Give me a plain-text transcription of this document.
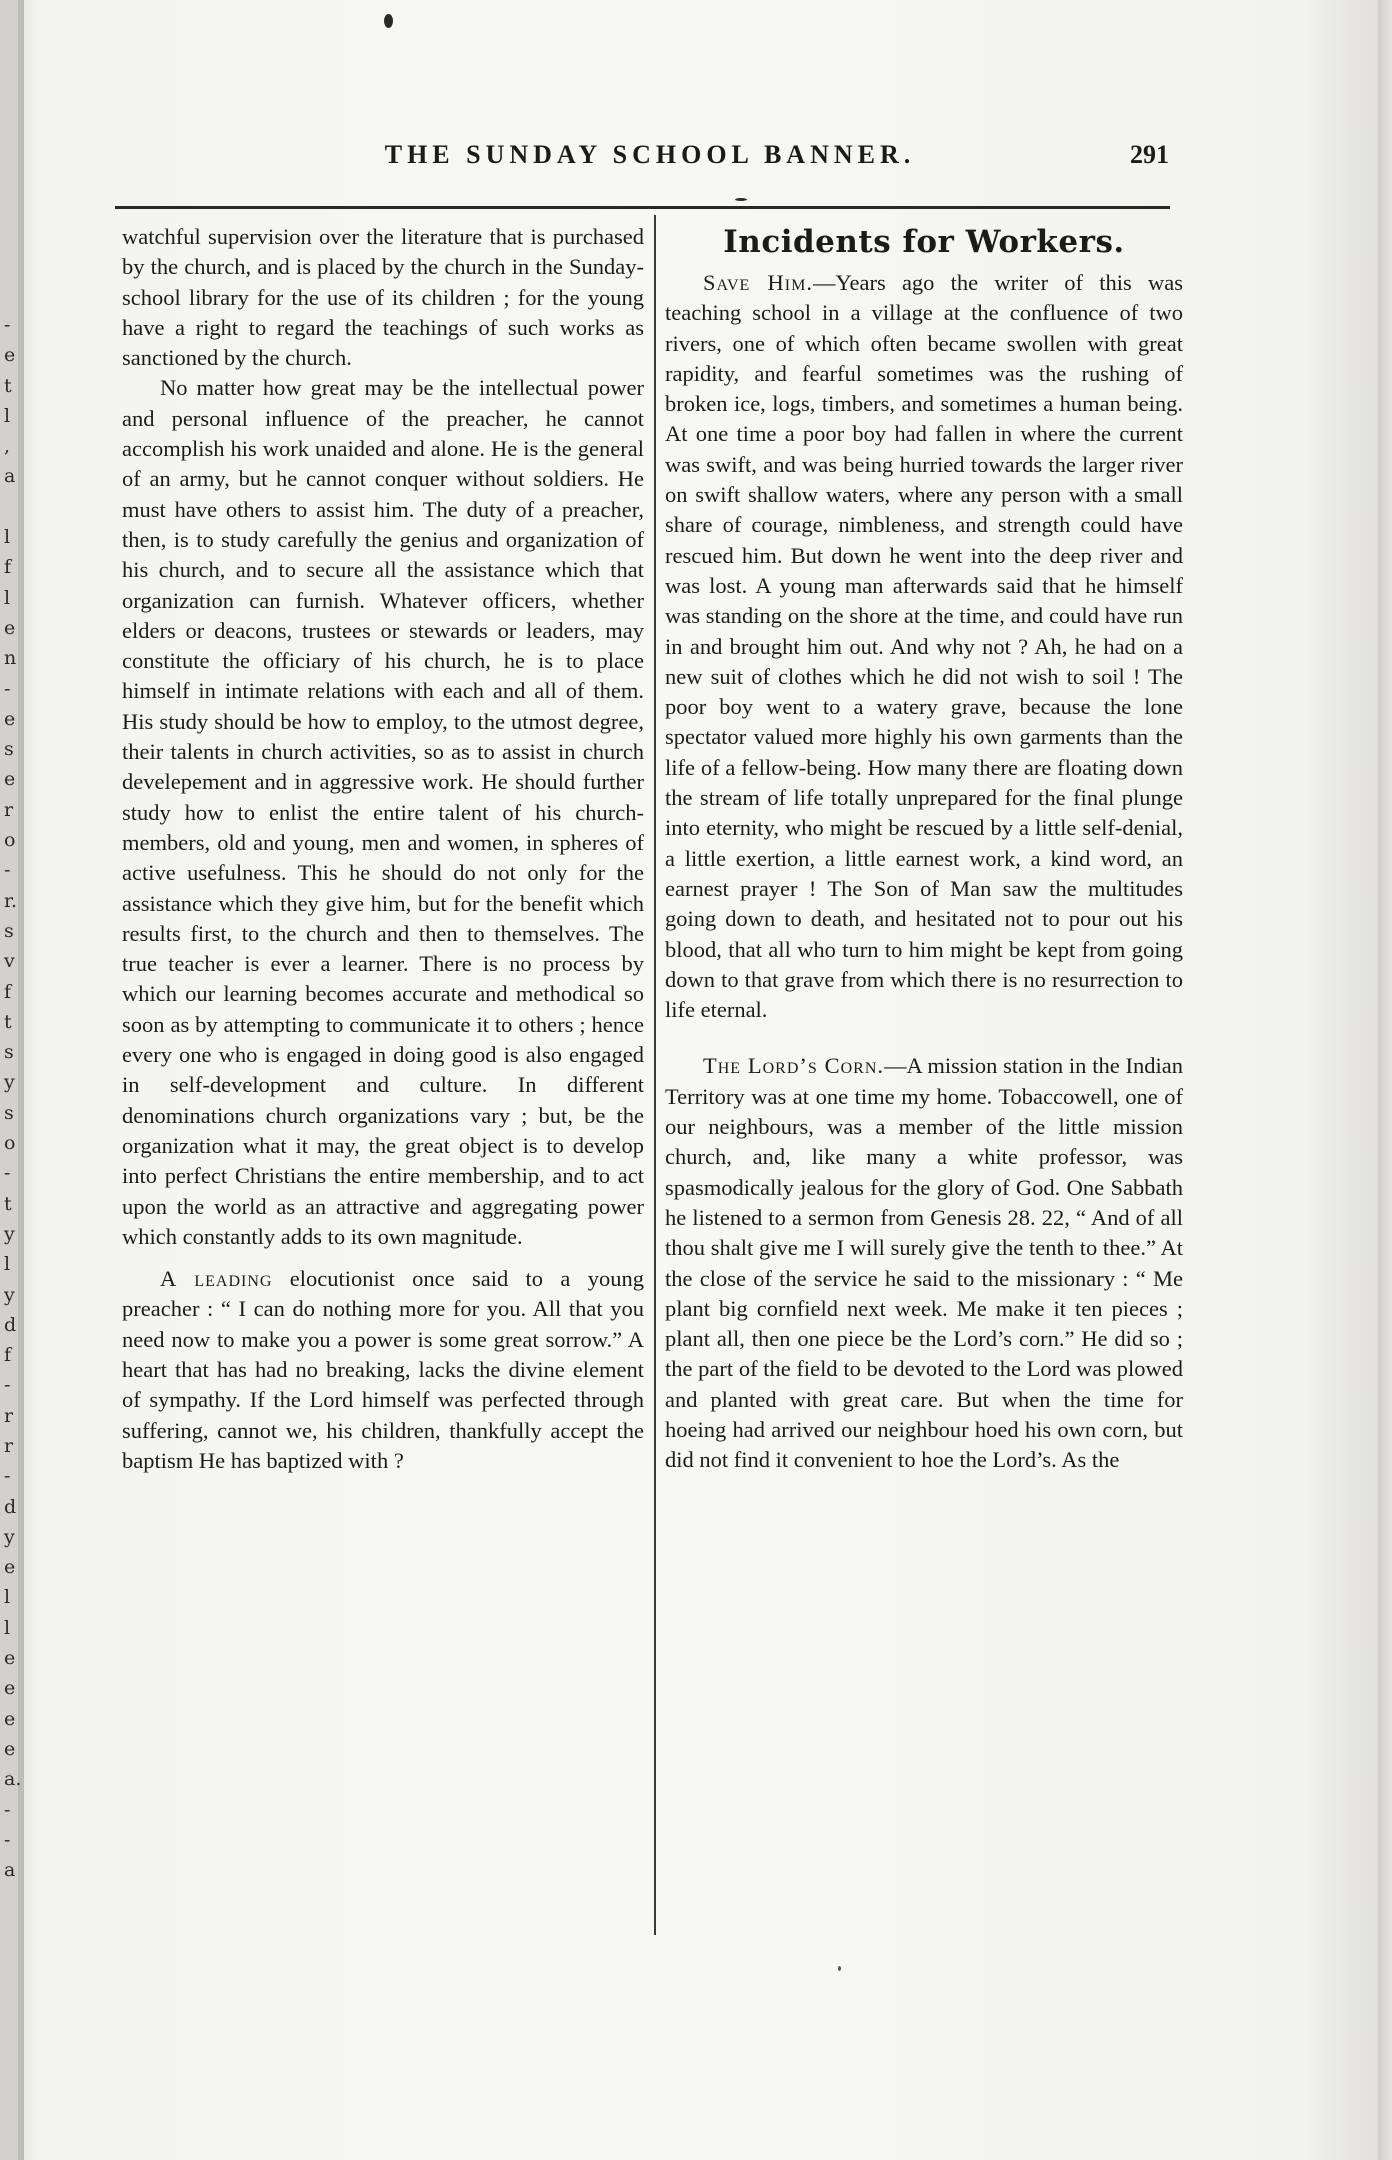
-
e
t
l
,
a
l
f
l
e
n
-
e
s
e
r
o
-
r.
s
v
f
t
s
y
s
o
-
t
y
l
y
d
f
-
r
r
-
d
y
e
l
l
e
e
e
e
a.
-
-
a
THE SUNDAY SCHOOL BANNER.	291

watchful supervision over the literature that is purchased by the church, and is placed by the church in the Sunday-school library for the use of its children ; for the young have a right to regard the teachings of such works as sanctioned by the church.

No matter how great may be the intellectual power and personal influence of the preacher, he cannot accomplish his work unaided and alone. He is the general of an army, but he cannot conquer without soldiers. He must have others to assist him. The duty of a preacher, then, is to study carefully the genius and organization of his church, and to secure all the assistance which that organization can furnish. Whatever officers, whether elders or deacons, trustees or stewards or leaders, may constitute the officiary of his church, he is to place himself in intimate relations with each and all of them. His study should be how to employ, to the utmost degree, their talents in church activities, so as to assist in church develepement and in aggressive work. He should further study how to enlist the entire talent of his church-members, old and young, men and women, in spheres of active usefulness. This he should do not only for the assistance which they give him, but for the benefit which results first, to the church and then to themselves. The true teacher is ever a learner. There is no process by which our learning becomes accurate and methodical so soon as by attempting to communicate it to others ; hence every one who is engaged in doing good is also engaged in self-development and culture. In different denominations church organizations vary ; but, be the organization what it may, the great object is to develop into perfect Christians the entire membership, and to act upon the world as an attractive and aggregating power which constantly adds to its own magnitude.

A leading elocutionist once said to a young preacher : “ I can do nothing more for you. All that you need now to make you a power is some great sorrow.” A heart that has had no breaking, lacks the divine element of sympathy. If the Lord himself was perfected through suffering, cannot we, his children, thankfully accept the baptism He has baptized with ?

Incidents for Workers.

Save Him.—Years ago the writer of this was teaching school in a village at the confluence of two rivers, one of which often became swollen with great rapidity, and fearful sometimes was the rushing of broken ice, logs, timbers, and sometimes a human being. At one time a poor boy had fallen in where the current was swift, and was being hurried towards the larger river on swift shallow waters, where any person with a small share of courage, nimbleness, and strength could have rescued him. But down he went into the deep river and was lost. A young man afterwards said that he himself was standing on the shore at the time, and could have run in and brought him out. And why not ? Ah, he had on a new suit of clothes which he did not wish to soil ! The poor boy went to a watery grave, because the lone spectator valued more highly his own garments than the life of a fellow-being. How many there are floating down the stream of life totally unprepared for the final plunge into eternity, who might be rescued by a little self-denial, a little exertion, a little earnest work, a kind word, an earnest prayer ! The Son of Man saw the multitudes going down to death, and hesitated not to pour out his blood, that all who turn to him might be kept from going down to that grave from which there is no resurrection to life eternal.

The Lord’s Corn.—A mission station in the Indian Territory was at one time my home. Tobaccowell, one of our neighbours, was a member of the little mission church, and, like many a white professor, was spasmodically jealous for the glory of God. One Sabbath he listened to a sermon from Genesis 28. 22, “ And of all thou shalt give me I will surely give the tenth to thee.” At the close of the service he said to the missionary : “ Me plant big cornfield next week. Me make it ten pieces ; plant all, then one piece be the Lord’s corn.” He did so ; the part of the field to be devoted to the Lord was plowed and planted with great care. But when the time for hoeing had arrived our neighbour hoed his own corn, but did not find it convenient to hoe the Lord’s. As the
